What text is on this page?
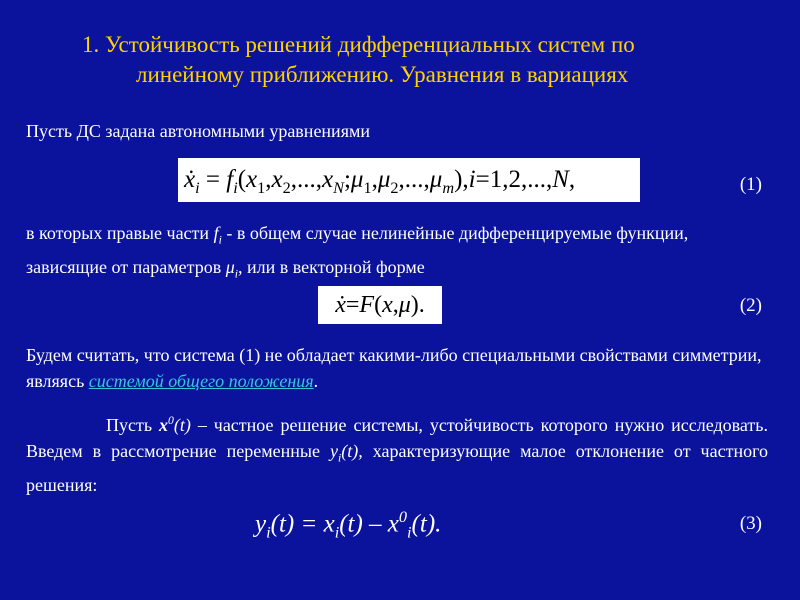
1. Устойчивость решений дифференциальных систем по
линейному приближению. Уравнения в вариациях
Пусть ДС задана автономными уравнениями
$ẋ_i$ = $f_i(x_1,x_2,...,x_N;\mu_1,\mu_2,...,\mu_m),i=1,2,...,N$,	(1)
в которых правые части $f_i$ - в общем случае нелинейные дифференцируемые функции, зависящие от параметров $\mu_i$, или в векторной форме
ẋ=F(x,μ).	(2)
Будем считать, что система (1) не обладает какими-либо специальными свойствами симметрии, являясь системой общего положения.
Пусть $x^0(t)$ – частное решение системы, устойчивость которого нужно исследовать. Введем в рассмотрение переменные $y_i(t)$, характеризующие малое отклонение от частного решения:
$y_i(t) = x_i(t) - x^0_i(t)$.	(3)
